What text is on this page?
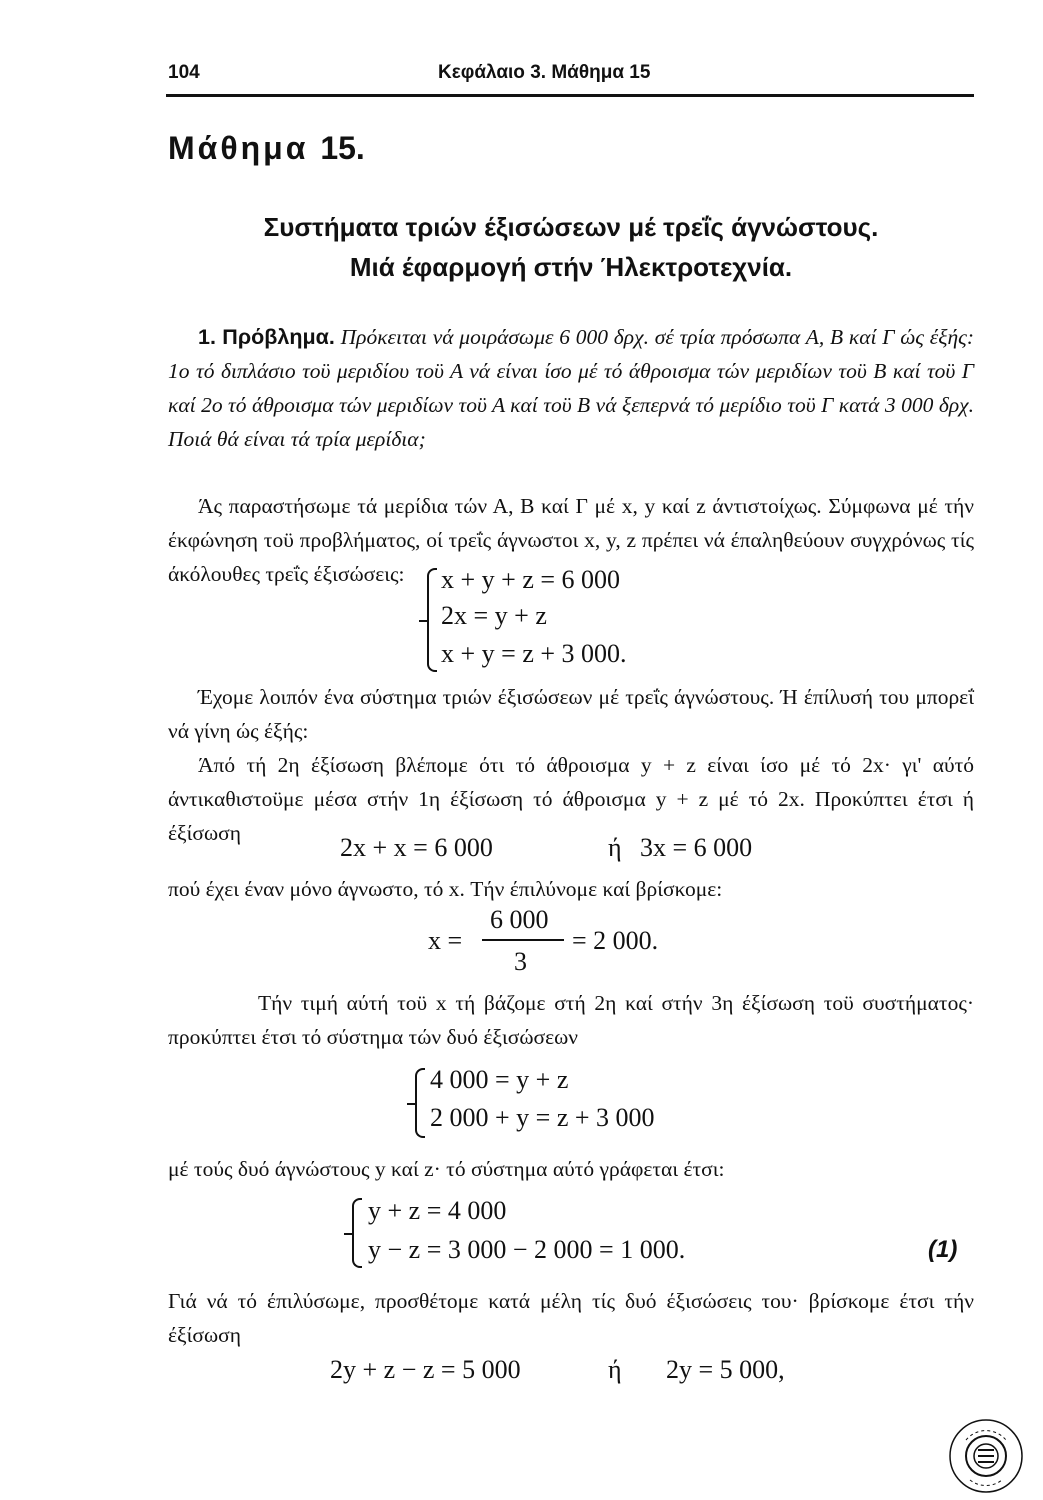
104	Κεφάλαιο 3. Μάθημα 15
Μάθημα 15.
Συστήματα τριών έξισώσεων μέ τρεΐς άγνώστους.
Μιά έφαρμογή στήν Ήλεκτροτεχνία.
1. Πρόβλημα. Πρόκειται νά μοιράσωμε 6 000 δρχ. σέ τρία πρόσωπα Α, Β καί Γ ώς έξής: 1ο τό διπλάσιο τοϋ μεριδίου τοϋ Α νά είναι ίσο μέ τό άθροισμα τών μεριδίων τοϋ Β καί τοϋ Γ καί 2ο τό άθροισμα τών μεριδίων τοϋ Α καί τοϋ Β νά ξεπερνά τό μερίδιο τοϋ Γ κατά 3 000 δρχ. Ποιά θά είναι τά τρία μερίδια;
Άς παραστήσωμε τά μερίδια τών Α, Β καί Γ μέ x, y καί z άντιστοίχως. Σύμφωνα μέ τήν έκφώνηση τοϋ προβλήματος, οί τρεΐς άγνωστοι x, y, z πρέπει νά έπαληθεύουν συγχρόνως τίς άκόλουθες τρεΐς έξισώσεις:	x + y + z = 6 000
2x = y + z
x + y = z + 3 000.
Έχομε λοιπόν ένα σύστημα τριών έξισώσεων μέ τρεΐς άγνώστους. Ή έπίλυσή του μπορεΐ νά γίνη ώς έξής:
Άπό τή 2η έξίσωση βλέπομε ότι τό άθροισμα y + z είναι ίσο μέ τό 2x· γι' αύτό άντικαθιστοϋμε μέσα στήν 1η έξίσωση τό άθροισμα y + z μέ τό 2x. Προκύπτει έτσι ή έξίσωση	2x + x = 6 000	ή 3x = 6 000
πού έχει έναν μόνο άγνωστο, τό x. Τήν έπιλύνομε καί βρίσκομε:
x =
6 000
3
= 2 000.
Τήν τιμή αύτή τοϋ x τή βάζομε στή 2η καί στήν 3η έξίσωση τοϋ συστήματος· προκύπτει έτσι τό σύστημα τών δυό έξισώσεων
4 000 = y + z
2 000 + y = z + 3 000
μέ τούς δυό άγνώστους y καί z· τό σύστημα αύτό γράφεται έτσι:
y + z = 4 000
y − z = 3 000 − 2 000 = 1 000.	(1)
Γιά νά τό έπιλύσωμε, προσθέτομε κατά μέλη τίς δυό έξισώσεις του· βρίσκομε έτσι τήν έξίσωση
2y + z − z = 5 000	ή 2y = 5 000,
